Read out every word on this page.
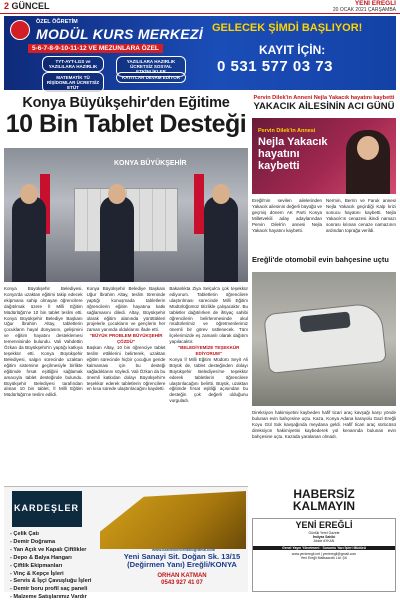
2 GÜNCEL	YENİ EREĞLİ
20 OCAK 2021 ÇARŞAMBA
ÖZEL ÖĞRETİM
MODÜL KURS MERKEZİ
5-6-7-8-9-10-11-12 VE MEZUNLARA ÖZEL
TYT-AYT-LGS ve YAZILILARA HAZIRLIK
YAZILILARA HAZIRLIK ÜCRETSİZ SOSYAL ETKİNLİKLER
MATEMATİK TÜ RİŞİDOMLAR ÜCRETSİZ ETÜT
KAYITLAR DEVAM EDİYOR
GELECEK ŞİMDİ BAŞLIYOR!
KAYIT İÇİN:
0 531 577 03 73
Konya Büyükşehir'den Eğitime
10 Bin Tablet Desteği
KONYA BÜYÜKŞEHİR
Konya Büyükşehir Belediyesi, Konya'da uzaktan eğitimi takip edecek ekipmana sahip olmayan öğrencilere dağıtılmak üzere İl Milli Eğitim Müdürlüğü'ne 10 bin tablet teslim etti. Konya Büyükşehir Belediye Başkanı Uğur İbrahim Altay, tabletlerin çocukların hayal dünyasını, gelişimini ve eğitim hayatını desteklemesi temennisinde bulundu. Vali Vahdettin Özkan da Büyükşehir'in yaptığı katkıya teşekkür etti. Konya Büyükşehir Belediyesi, salgın sürecinde uzaktan eğitim sistemine geçilmesiyle birlikte eğitimde fırsat eşitliğini sağlamak amacıyla tablet desteğinde bulundu. Büyükşehir Belediyesi tarafından alınan 10 bin tablet, İl Milli Eğitim Müdürlüğü'ne teslim edildi.
Konya Büyükşehir Belediye Başkanı Uğur İbrahim Altay, teslim töreninde yaptığı konuşmada tabletlerin öğrencilerin eğitim hayatına katkı sağlamasını diledi. Altay, Büyükşehir olarak eğitim alanında yürüttükleri projelerle çocukların ve gençlerin her zaman yanında olduklarını ifade etti.
"BÜYÜK PROBLEM BÜYÜKŞEHİR ÇÖZDÜ"
Başkan Altay, 10 bin öğrenciye tablet teslim ettiklerini belirterek, uzaktan eğitim sürecinde hiçbir çocuğun geride kalmaması için bu desteği sağladıklarını söyledi. Vali Özkan da bu önemli katkıdan dolayı Büyükşehir'e teşekkür ederek tabletlerin öğrencilere en kısa sürede ulaştırılacağını kaydetti.
Bakanlıkta Ziya Selçuk'a çok teşekkür ediyorum. Tabletlerin öğrencilere ulaştırılması sürecinde Milli Eğitim Müdürlüğümüz titizlikle çalışacaktır. Bu tabletler dağıtılırken de ihtiyaç sahibi öğrencilerin belirlenmesinde okul müdürlerimiz ve öğretmenlerimiz önemli bir görev üstlenecek. Tüm ilçelerimizde eş zamanlı olarak dağıtım yapılacaktır.
"BELEDİYEMİZE TEŞEKKÜR EDİYORUM"
Konya İl Milli Eğitim Müdürü Seyit Ali Büyük de, tablet desteğinden dolayı Büyükşehir Belediyesi'ne teşekkür ederek tabletlerin öğrencilere ulaştırılacağını belirtti. Büyük, uzaktan eğitimde fırsat eşitliği açısından bu desteğin çok değerli olduğunu vurguladı.
Pervin Dilek'in Anneni Nejla Yakacık hayatını kaybetti
YAKACIK AİLESİNİN ACI GÜNÜ
Pervin Dilek'in Annesi
Nejla Yakacık hayatını kaybetti
Ereğli'nin sevilen ailelerinden Yakacık ailesinin değerli büyüğü ve geçmiş dönem AK Parti Konya Milletvekili aday adaylarından Pervin Dilek'in annesi Nejla Yakacık hayatını kaybetti.
Nermin, Berrin ve Faruk annesi Nejla Yakacık geçirdiği Kalp krizi sonucu hayatını kaybetti. Nejla Yakacık'ın cenazesi ikindi namazı sonrası kılınan cenaze namazının ardından toprağa verildi.
Ereğli'de otomobil evin bahçesine uçtu
Direksiyon hakimiyetini kaybeden hafif ticari araç kavşağı karşı yönde bulunan evin bahçesine uçtu. Kaza, Konya Adana karayolu Gazi Ereğli Koyu Gül Sok kavşağında meydana geldi. Hafif ticari araç sürücüsü direksiyon hakimiyetini kaybederek yol kenarında bulunan evin bahçesine uçtu. Kazada yaralanan olmadı.
KARDEŞLER
- Çelik Çatı
- Demir Doğrama
- Yan Açık ve Kapalı Çiftlikler
- Depo & Balya Hangarı
- Çiftlik Ekipmanları
- Vinç & Kepçe İşleri
- Servis & İşçi Çavuşluğu İşleri
- Demir boru profil saç paneli
- Malzeme Satışlarımız Vardır
www.kardeslercelikdograma.com
Yeni Sanayi Sit. Doğan Sk. 13/15 (Değirmen Yanı) Ereğli/KONYA
ORHAN KATMAN
0543 927 41 07
HABERSİZ
KALMAYIN
YENİ EREĞLİ
Günlük Yerel Gazete
İmtiyaz Sahibi
Abide AYKAN
Genel Yayın Yönetmeni · Sorumlu Yazı İşleri Müdürü
www.yenieregli.net | yenieregli@gmail.com
Yeni Ereğli Matbaacılık Ltd. Şti.
